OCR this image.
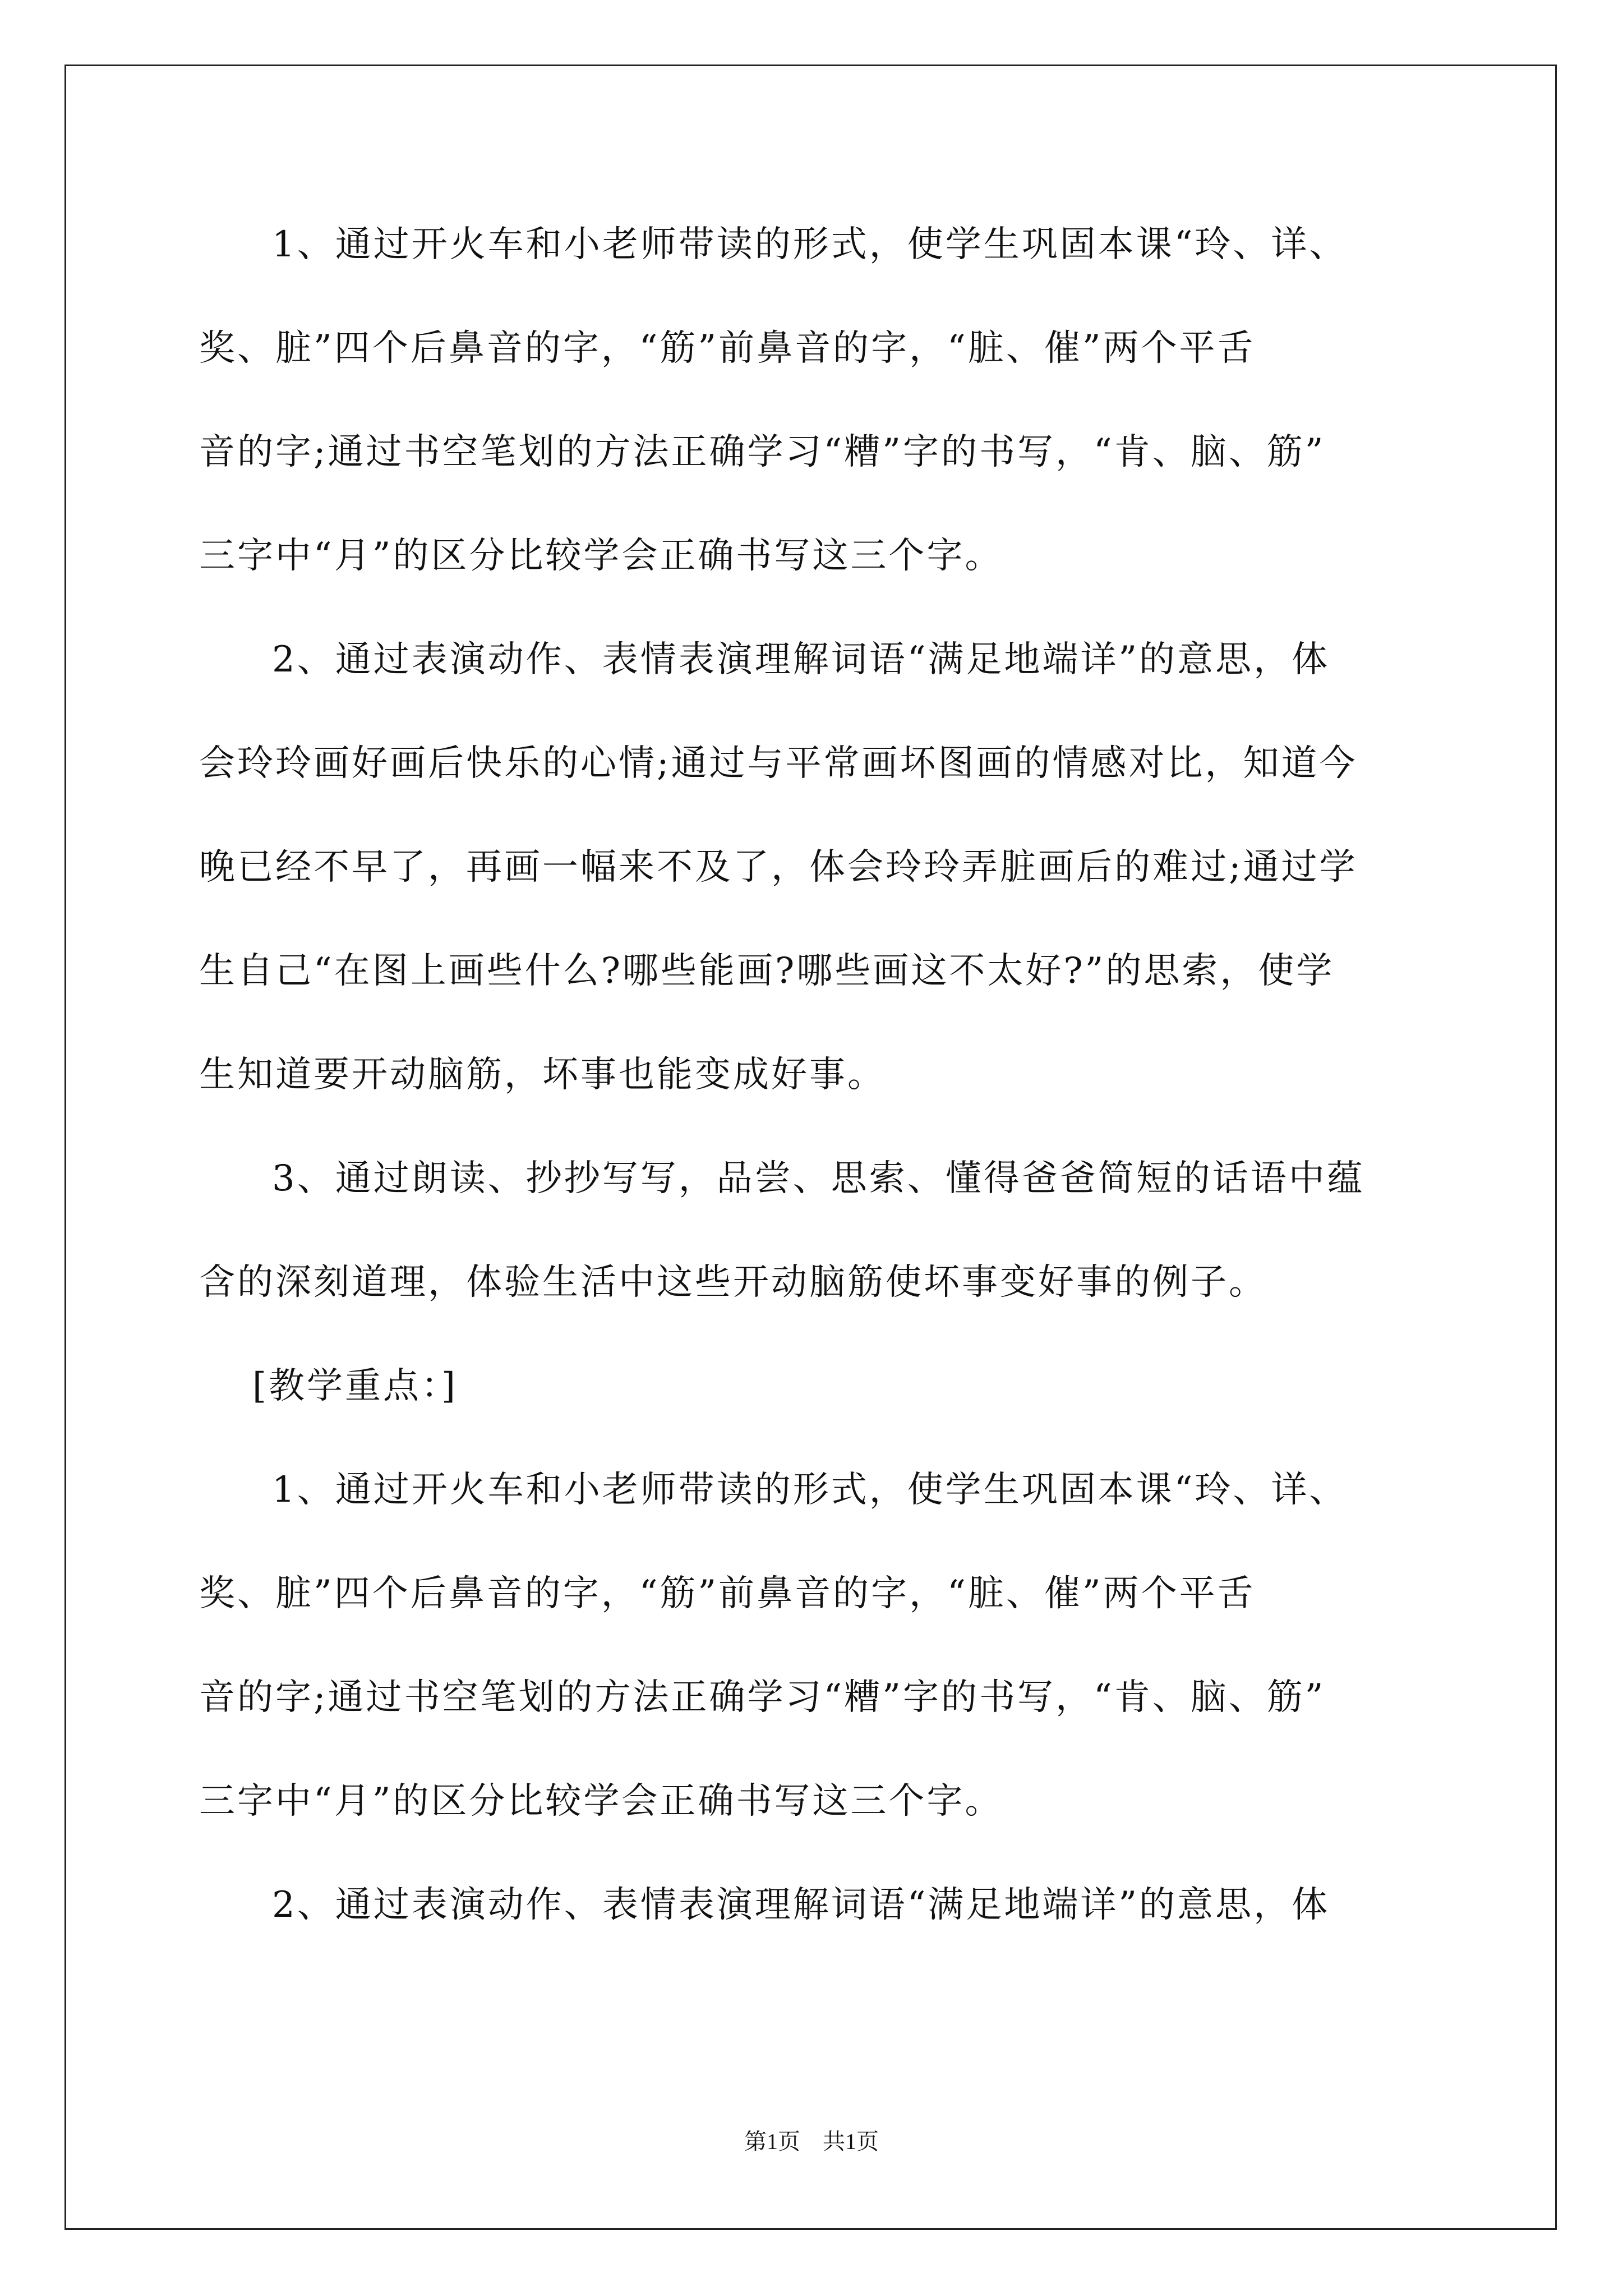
1、通过开火车和小老师带读的形式，使学生巩固本课“玲、详、
奖、脏”四个后鼻音的字，“筋”前鼻音的字，“脏、催”两个平舌
音的字;通过书空笔划的方法正确学习“糟”字的书写，“肯、脑、筋”
三字中“月”的区分比较学会正确书写这三个字。
2、通过表演动作、表情表演理解词语“满足地端详”的意思，体
会玲玲画好画后快乐的心情;通过与平常画坏图画的情感对比，知道今
晚已经不早了，再画一幅来不及了，体会玲玲弄脏画后的难过;通过学
生自己“在图上画些什么?哪些能画?哪些画这不太好?”的思索，使学
生知道要开动脑筋，坏事也能变成好事。
3、通过朗读、抄抄写写，品尝、思索、懂得爸爸简短的话语中蕴
含的深刻道理，体验生活中这些开动脑筋使坏事变好事的例子。
[教学重点：]
1、通过开火车和小老师带读的形式，使学生巩固本课“玲、详、
奖、脏”四个后鼻音的字，“筋”前鼻音的字，“脏、催”两个平舌
音的字;通过书空笔划的方法正确学习“糟”字的书写，“肯、脑、筋”
三字中“月”的区分比较学会正确书写这三个字。
2、通过表演动作、表情表演理解词语“满足地端详”的意思，体
第1页 共1页
